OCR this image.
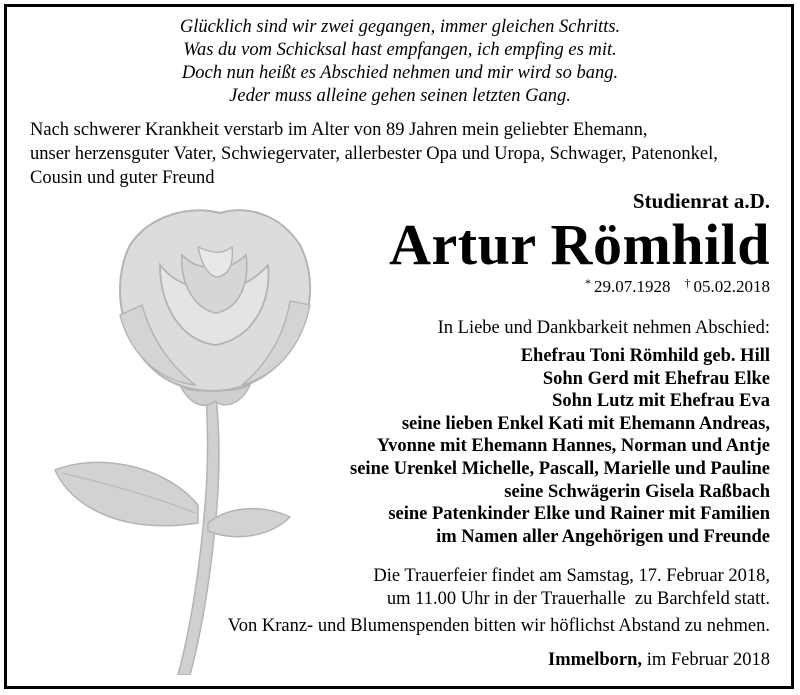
Glücklich sind wir zwei gegangen, immer gleichen Schritts.
Was du vom Schicksal hast empfangen, ich empfing es mit.
Doch nun heißt es Abschied nehmen und mir wird so bang.
Jeder muss alleine gehen seinen letzten Gang.
Nach schwerer Krankheit verstarb im Alter von 89 Jahren mein geliebter Ehemann,
unser herzensguter Vater, Schwiegervater, allerbester Opa und Uropa, Schwager, Patenonkel,
Cousin und guter Freund
Studienrat a.D.
Artur Römhild
* 29.07.1928 † 05.02.2018
In Liebe und Dankbarkeit nehmen Abschied:
Ehefrau Toni Römhild geb. Hill
Sohn Gerd mit Ehefrau Elke
Sohn Lutz mit Ehefrau Eva
seine lieben Enkel Kati mit Ehemann Andreas,
Yvonne mit Ehemann Hannes, Norman und Antje
seine Urenkel Michelle, Pascall, Marielle und Pauline
seine Schwägerin Gisela Raßbach
seine Patenkinder Elke und Rainer mit Familien
im Namen aller Angehörigen und Freunde
Die Trauerfeier findet am Samstag, 17. Februar 2018,
um 11.00 Uhr in der Trauerhalle  zu Barchfeld statt.
Von Kranz- und Blumenspenden bitten wir höflichst Abstand zu nehmen.
Immelborn, im Februar 2018
